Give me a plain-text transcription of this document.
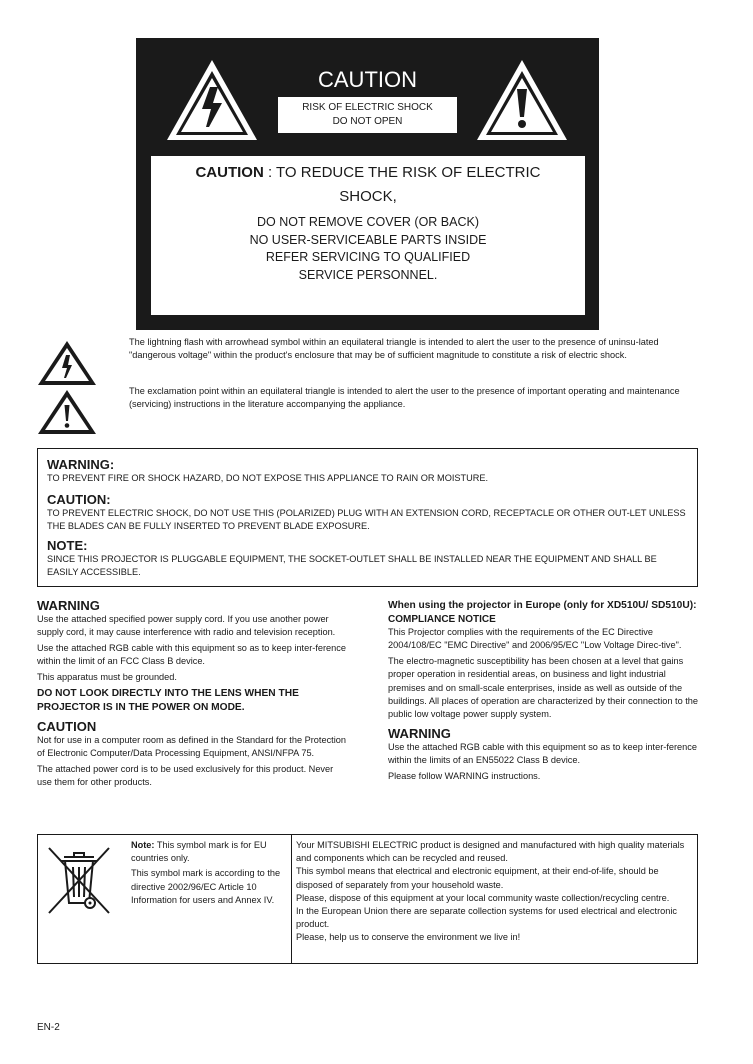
CAUTION
RISK OF ELECTRIC SHOCK
DO NOT OPEN
CAUTION : TO REDUCE THE RISK OF ELECTRIC
SHOCK,
DO NOT REMOVE COVER (OR BACK)
NO USER-SERVICEABLE PARTS INSIDE
REFER SERVICING TO QUALIFIED
SERVICE PERSONNEL.
The lightning flash with arrowhead symbol within an equilateral triangle is intended to alert the user to the presence of uninsu-lated "dangerous voltage" within the product's enclosure that may be of sufficient magnitude to constitute a risk of electric shock.
The exclamation point within an equilateral triangle is intended to alert the user to the presence of important operating and maintenance (servicing) instructions in the literature accompanying the appliance.
WARNING:
TO PREVENT FIRE OR SHOCK HAZARD, DO NOT EXPOSE THIS APPLIANCE TO RAIN OR MOISTURE.
CAUTION:
TO PREVENT ELECTRIC SHOCK, DO NOT USE THIS (POLARIZED) PLUG WITH AN EXTENSION CORD, RECEPTACLE OR OTHER OUT-LET UNLESS THE BLADES CAN BE FULLY INSERTED TO PREVENT BLADE EXPOSURE.
NOTE:
SINCE THIS PROJECTOR IS PLUGGABLE EQUIPMENT, THE SOCKET-OUTLET SHALL BE INSTALLED NEAR THE EQUIPMENT AND SHALL BE EASILY ACCESSIBLE.
WARNING
Use the attached specified power supply cord. If you use another power supply cord, it may cause interference with radio and television reception.
Use the attached RGB cable with this equipment so as to keep inter-ference within the limit of an FCC Class B device.
This apparatus must be grounded.
DO NOT LOOK DIRECTLY INTO THE LENS WHEN THE PROJECTOR IS IN THE POWER ON MODE.
CAUTION
Not for use in a computer room as defined in the Standard for the Protection of Electronic Computer/Data Processing Equipment, ANSI/NFPA 75.
The attached power cord is to be used exclusively for this product. Never use them for other products.
When using the projector in Europe (only for XD510U/ SD510U):
COMPLIANCE NOTICE
This Projector complies with the requirements of the EC Directive 2004/108/EC "EMC Directive" and 2006/95/EC "Low Voltage Direc-tive".
The electro-magnetic susceptibility has been chosen at a level that gains proper operation in residential areas, on business and light industrial premises and on small-scale enterprises, inside as well as outside of the buildings. All places of operation are characterized by their connection to the public low voltage power supply system.
WARNING
Use the attached RGB cable with this equipment so as to keep inter-ference within the limits of an EN55022 Class B device.
Please follow WARNING instructions.
Note: This symbol mark is for EU countries only.
This symbol mark is according to the directive 2002/96/EC Article 10 Information for users and Annex IV.
Your MITSUBISHI ELECTRIC product is designed and manufactured with high quality materials and components which can be recycled and reused.
This symbol means that electrical and electronic equipment, at their end-of-life, should be disposed of separately from your household waste.
Please, dispose of this equipment at your local community waste collection/recycling centre.
In the European Union there are separate collection systems for used electrical and electronic product.
Please, help us to conserve the environment we live in!
EN-2
